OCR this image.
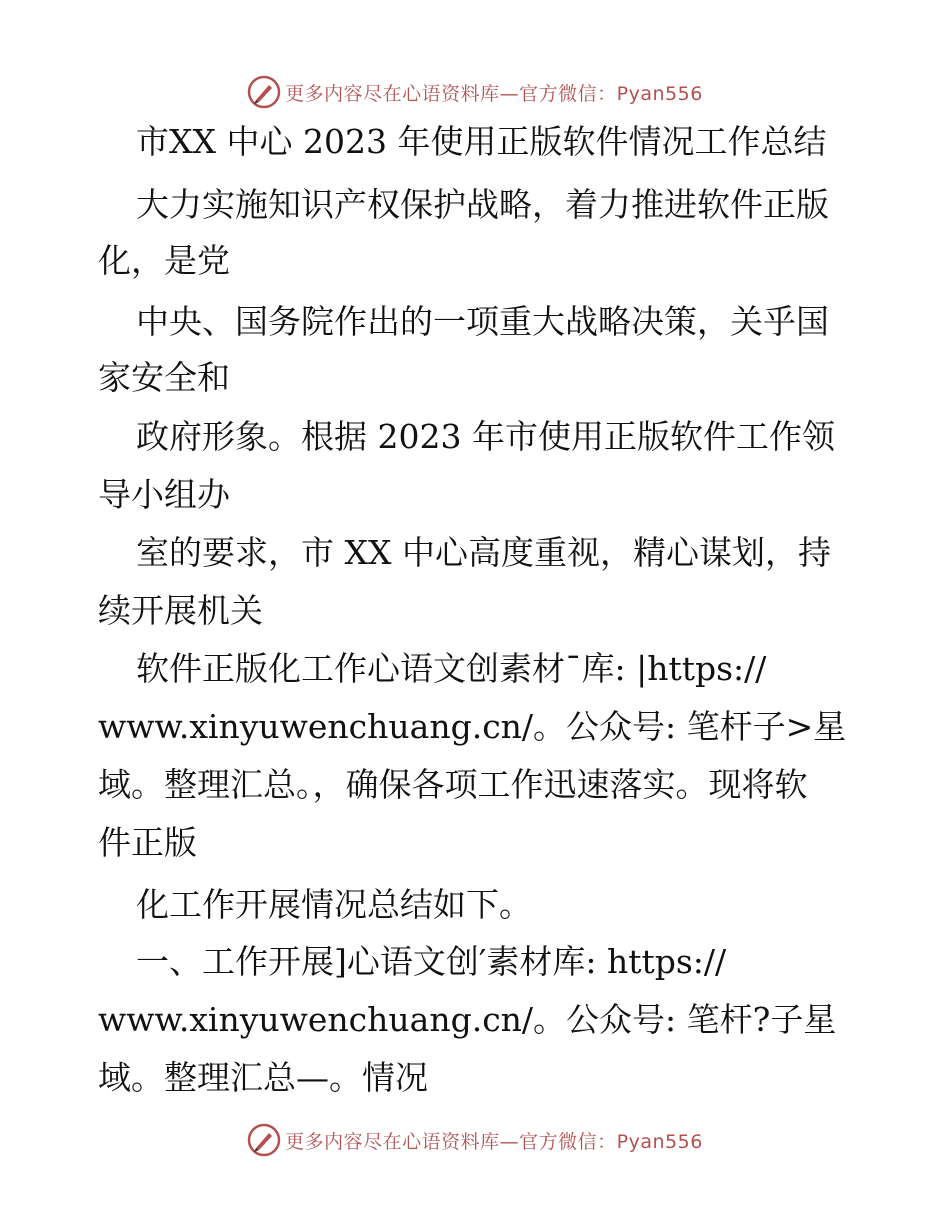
更多内容尽在心语资料库—官方微信：Pyan556
市XX 中心 2023 年使用正版软件情况工作总结
大力实施知识产权保护战略，着力推进软件正版
化，是党
中央、国务院作出的一项重大战略决策，关乎国
家安全和
政府形象。根据 2023 年市使用正版软件工作领
导小组办
室的要求，市 XX 中心高度重视，精心谋划，持
续开展机关
软件正版化工作心语文创素材¯库: |https://
www.xinyuwenchuang.cn/。公众号: 笔杆子>星
域。整理汇总。，确保各项工作迅速落实。现将软
件正版
化工作开展情况总结如下。
一、工作开展]心语文创′素材库: https://
www.xinyuwenchuang.cn/。公众号: 笔杆?子星
域。整理汇总—。情况
更多内容尽在心语资料库—官方微信：Pyan556
